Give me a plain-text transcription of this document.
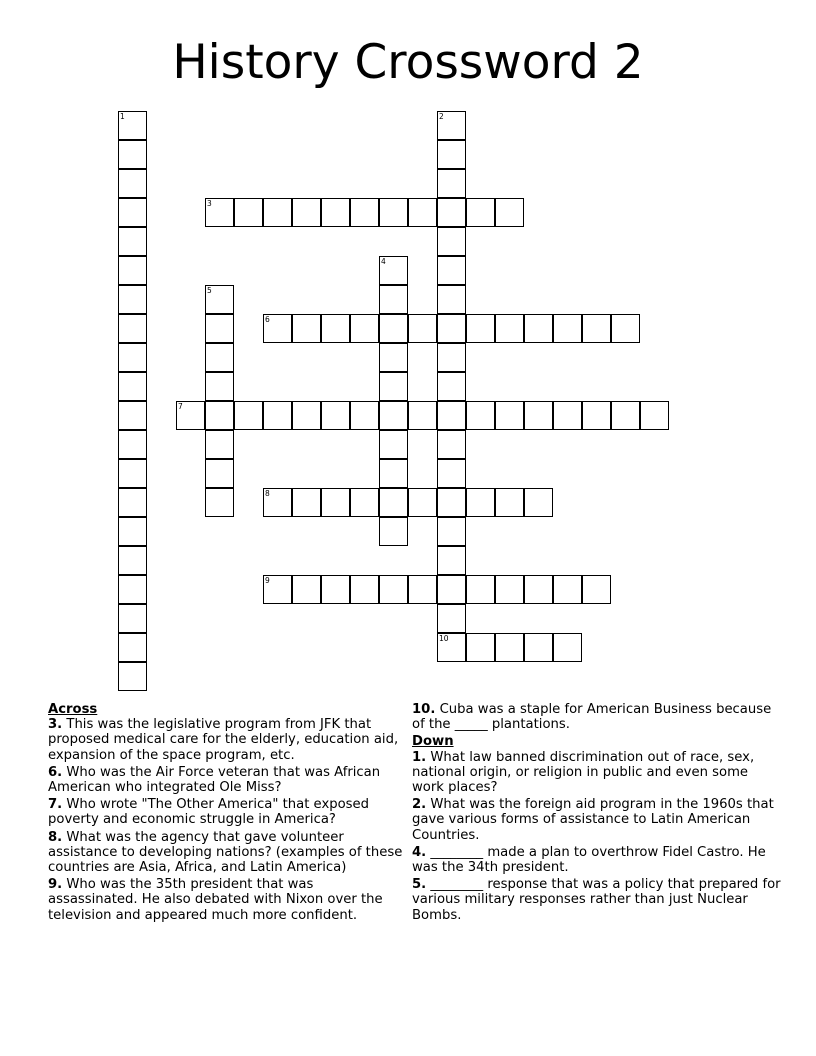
History Crossword 2
1	2
3
4
5
6
7
8
9
10
Across
3. This was the legislative program from JFK that proposed medical care for the elderly, education aid, expansion of the space program, etc.
6. Who was the Air Force veteran that was African American who integrated Ole Miss?
7. Who wrote "The Other America" that exposed poverty and economic struggle in America?
8. What was the agency that gave volunteer assistance to developing nations? (examples of these countries are Asia, Africa, and Latin America)
9. Who was the 35th president that was assassinated. He also debated with Nixon over the television and appeared much more confident.
10. Cuba was a staple for American Business because of the _____ plantations.
Down
1. What law banned discrimination out of race, sex, national origin, or religion in public and even some work places?
2. What was the foreign aid program in the 1960s that gave various forms of assistance to Latin American Countries.
4. ________ made a plan to overthrow Fidel Castro. He was the 34th president.
5. ________ response that was a policy that prepared for various military responses rather than just Nuclear Bombs.
